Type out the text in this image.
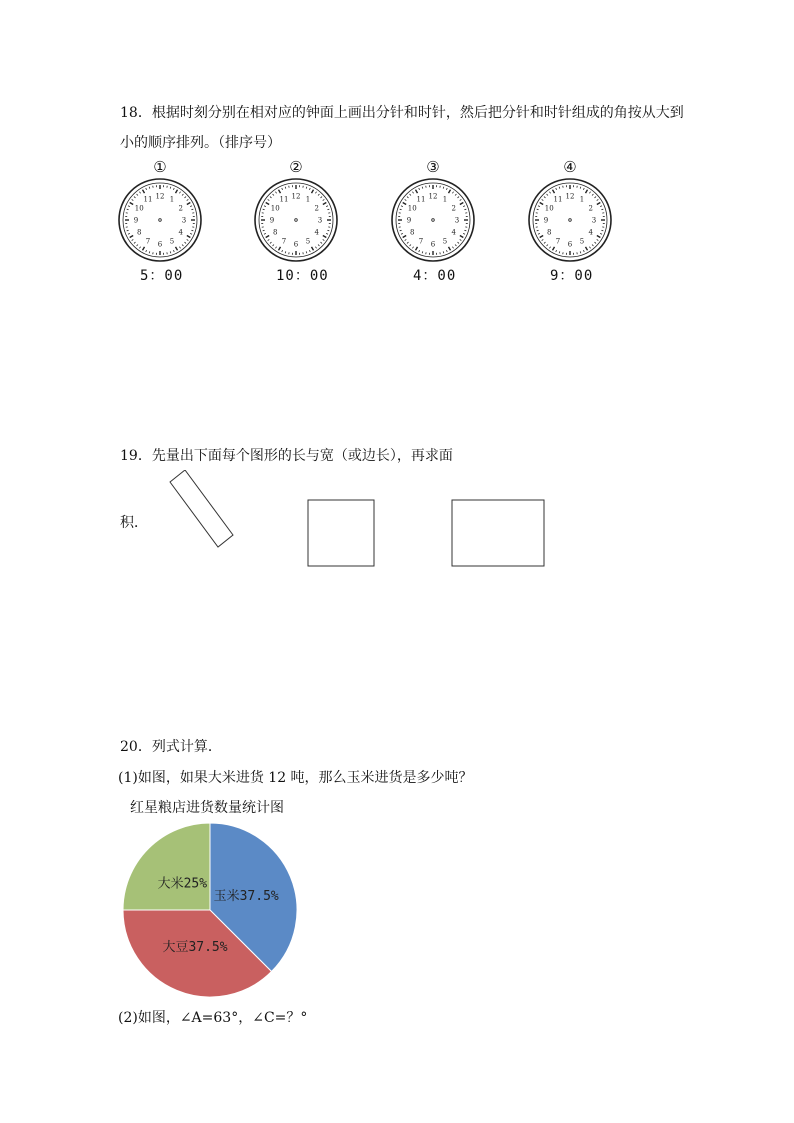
18．根据时刻分别在相对应的钟面上画出分针和时针，然后把分针和时针组成的角按从大到
小的顺序排列。（排序号）
①
12 1
2
3
4
5
6
7
8
9
10
11
5：00
②
12 1
2
3
4
5
6
7
8
9
10
11
10：00
③
12 1
2
3
4
5
6
7
8
9
10
11
4：00
④
12 1
2
3
4
5
6
7
8
9
10
11
9：00
19．先量出下面每个图形的长与宽（或边长），再求面
积．
20．列式计算．
(1)如图，如果大米进货 12 吨，那么玉米进货是多少吨？
红星粮店进货数量统计图
玉米37.5%
大豆37.5%
大米25%
(2)如图，∠A=63°，∠C=？°
